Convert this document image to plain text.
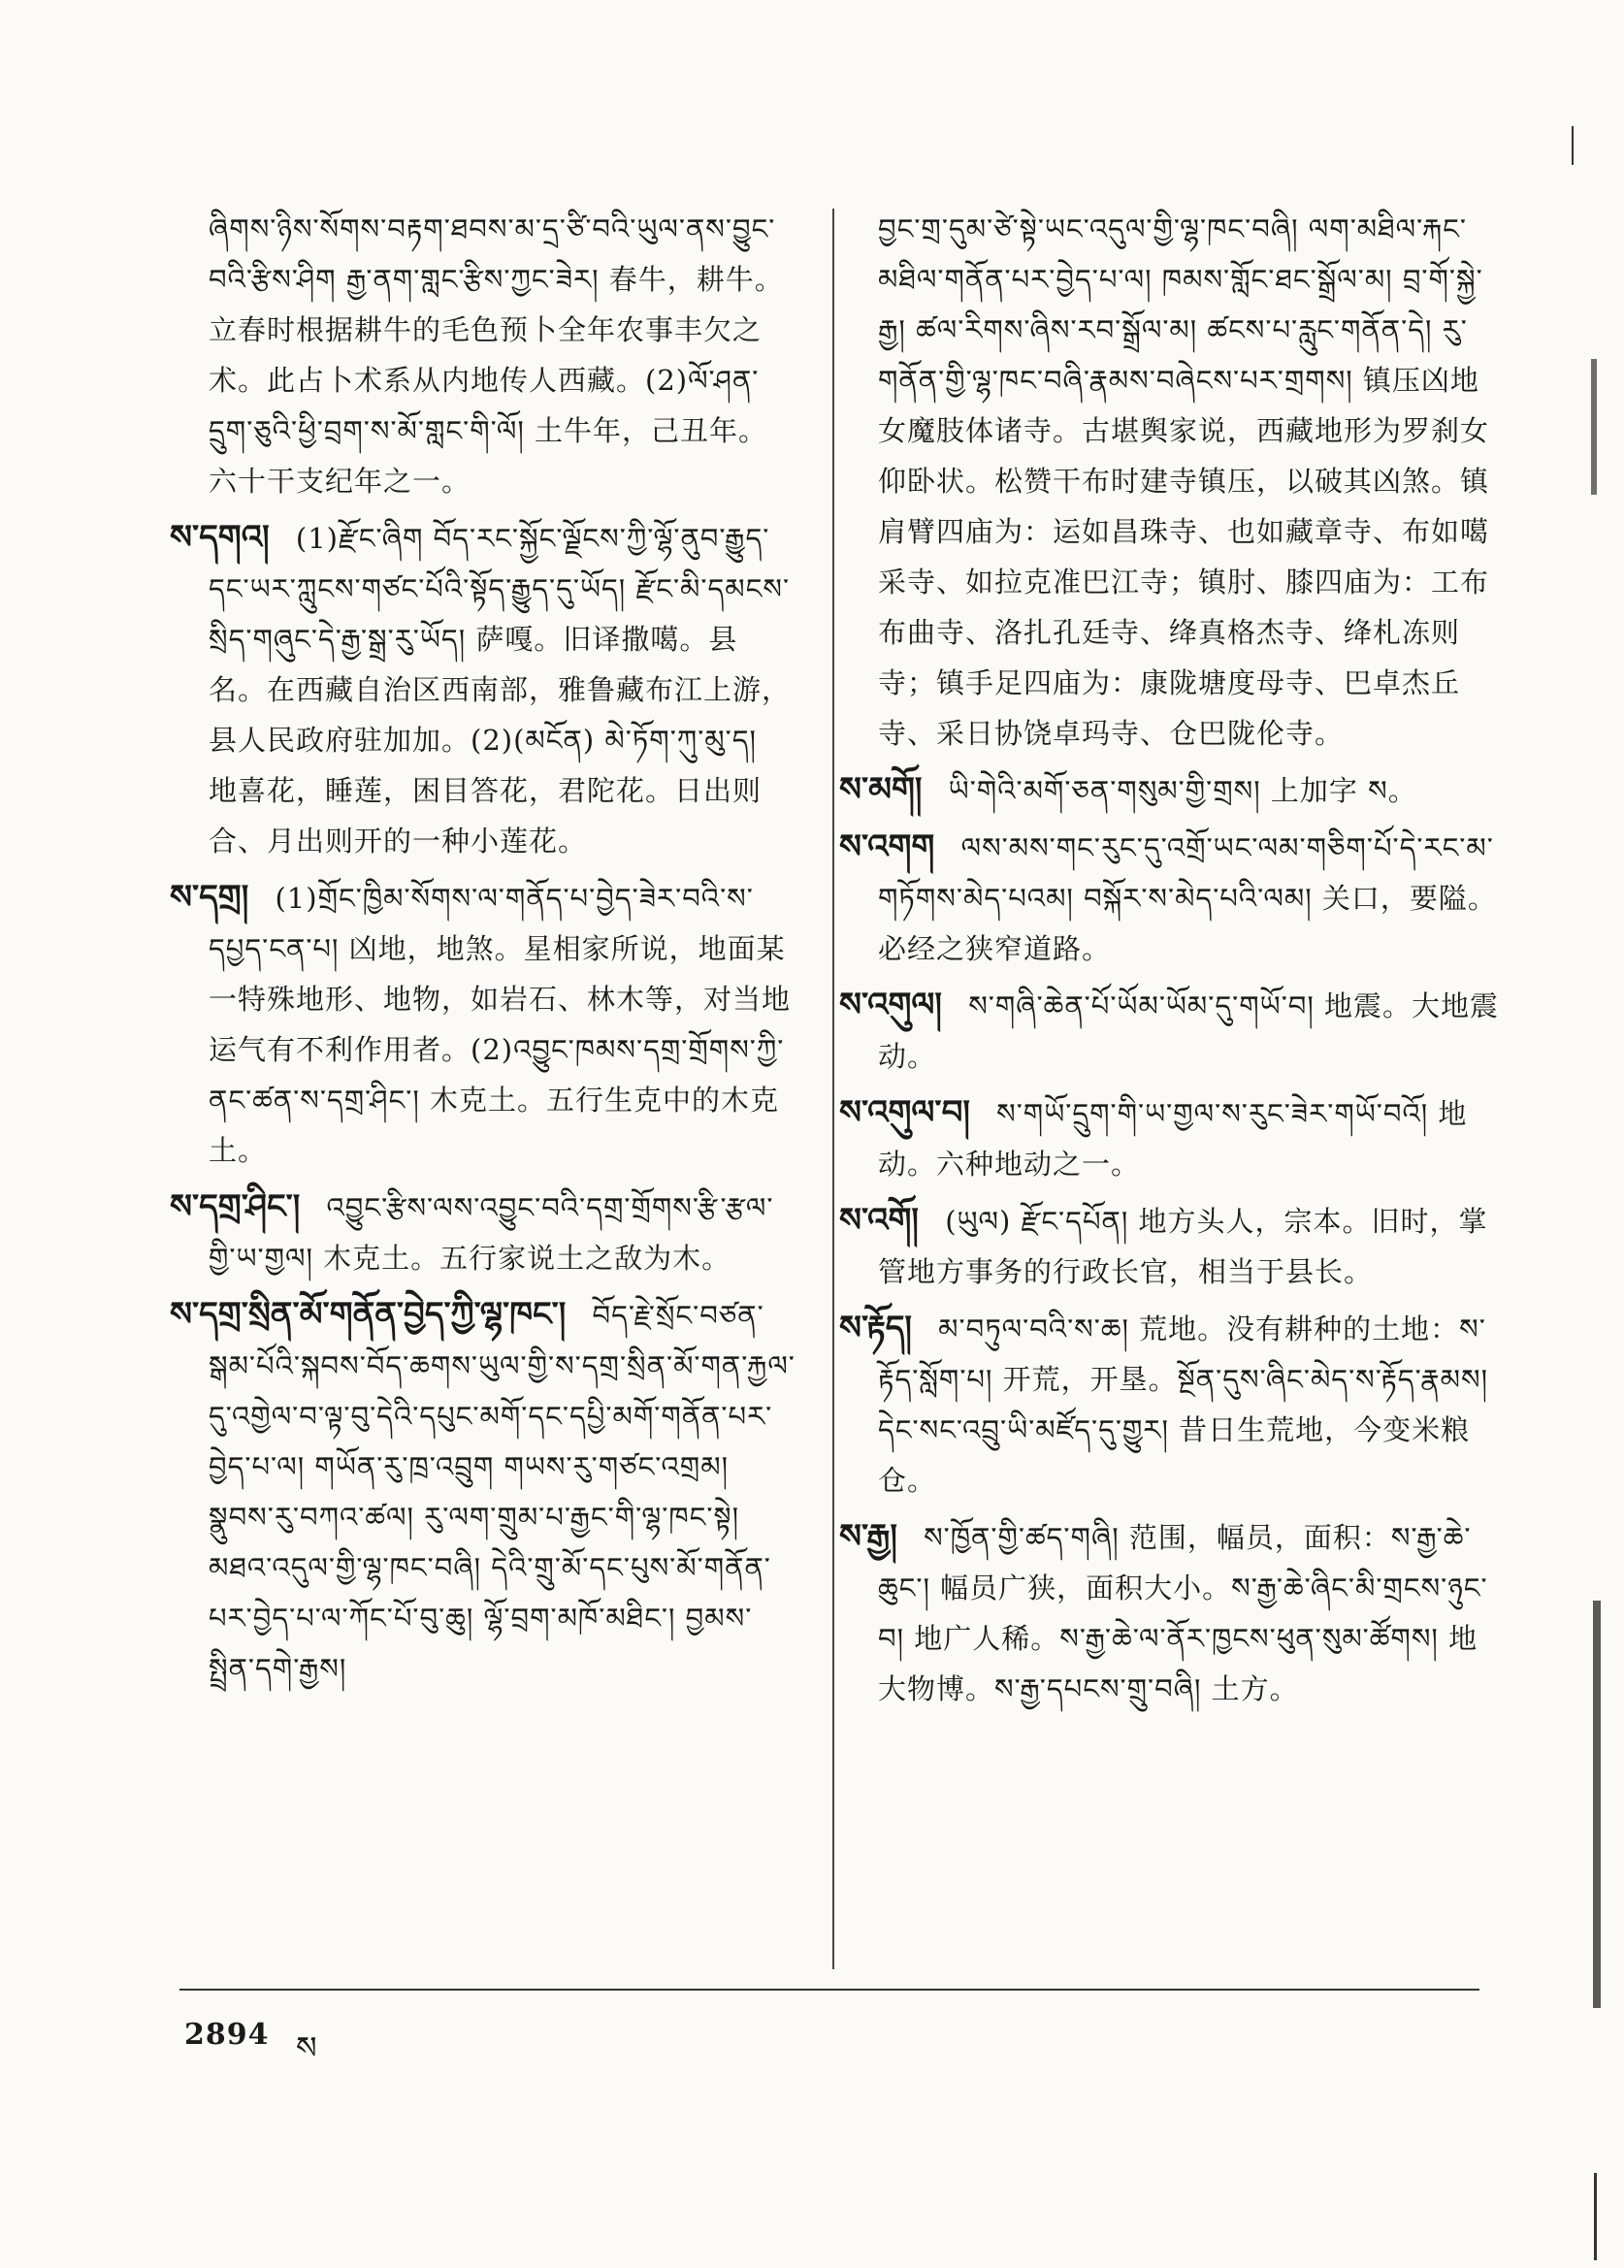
ཞིགས་ཉིས་སོགས་བརྟག་ཐབས་མ་དྲ་ཙི་བའི་ཡུལ་ནས་བྱུང་བའི་རྩིས་ཤིག རྒྱ་ནག་གླང་རྩིས་ཀྱང་ཟེར། 春牛，耕牛。立春时根据耕牛的毛色预卜全年农事丰欠之术。此占卜术系从内地传人西藏。(2)ལོ་ཤན་དྲུག་ཅུའི་ཕྱི་བྲག་ས་མོ་གླང་གི་ལོ། 土牛年，己丑年。六十干支纪年之一。

ས་དགའ། (1)རྫོང་ཞིག བོད་རང་སྐྱོང་ལྗོངས་ཀྱི་ལྷོ་ནུབ་རྒྱུད་དང་ཡར་ཀླུངས་གཙང་པོའི་སྟོད་རྒྱུད་དུ་ཡོད། རྫོང་མི་དམངས་སྲིད་གཞུང་དེ་རྒྱ་སྒྲ་རུ་ཡོད། 萨嘎。旧译撒噶。县名。在西藏自治区西南部，雅鲁藏布江上游，县人民政府驻加加。(2)(མངོན) མེ་ཏོག་ཀུ་མུ་ད། 地喜花，睡莲，困目答花，君陀花。日出则合、月出则开的一种小莲花。

ས་དགྲ། (1)གྲོང་ཁྱིམ་སོགས་ལ་གནོད་པ་བྱེད་ཟེར་བའི་ས་དཔྱད་ངན་པ། 凶地，地煞。星相家所说，地面某一特殊地形、地物，如岩石、林木等，对当地运气有不利作用者。(2)འབྱུང་ཁམས་དགྲ་གྲོགས་ཀྱི་ནང་ཚན་ས་དགྲ་ཤིང་། 木克土。五行生克中的木克土。

ས་དགྲ་ཤིང་། འབྱུང་རྩིས་ལས་འབྱུང་བའི་དགྲ་གྲོགས་རྩི་རྩལ་གྱི་ཡ་གྱལ། 木克土。五行家说土之敌为木。

ས་དགྲ་སྲིན་མོ་གནོན་བྱེད་ཀྱི་ལྷ་ཁང་། བོད་རྗེ་སྲོང་བཙན་སྒམ་པོའི་སྐབས་བོད་ཆགས་ཡུལ་གྱི་ས་དགྲ་སྲིན་མོ་གན་རྐྱལ་དུ་འགྱེལ་བ་ལྟ་བུ་དེའི་དཔུང་མགོ་དང་དཔྱི་མགོ་གནོན་པར་བྱེད་པ་ལ། གཡོན་རུ་ཁྲ་འབྲུག གཡས་རུ་གཙང་འགྲམ། སྣུབས་རུ་བཀའ་ཚལ། རུ་ལག་གྲུམ་པ་རྒྱང་གི་ལྷ་ཁང་སྟེ། མཐའ་འདུལ་གྱི་ལྷ་ཁང་བཞི། དེའི་གྲུ་མོ་དང་པུས་མོ་གནོན་པར་བྱེད་པ་ལ་ཀོང་པོ་བུ་ཆུ། ལྷོ་བྲག་མཁོ་མཐིང་། བྱམས་སྤྲིན་དགེ་རྒྱས།

བྱང་གྲ་དུམ་ཙེ་སྟེ་ཡང་འདུལ་གྱི་ལྷ་ཁང་བཞི། ལག་མཐིལ་རྐང་མཐིལ་གནོན་པར་བྱེད་པ་ལ། ཁམས་གློང་ཐང་སྒྲོལ་མ། བྲ་གོ་སྐྱེ་རྒྱ། ཚལ་རིགས་ཞིས་རབ་སྒྲོལ་མ། ཚངས་པ་རླུང་གནོན་དེ། རུ་གནོན་གྱི་ལྷ་ཁང་བཞི་རྣམས་བཞེངས་པར་གྲགས། 镇压凶地女魔肢体诸寺。古堪舆家说，西藏地形为罗刹女仰卧状。松赞干布时建寺镇压，以破其凶煞。镇肩臂四庙为：运如昌珠寺、也如藏章寺、布如噶采寺、如拉克准巴江寺；镇肘、膝四庙为：工布布曲寺、洛扎孔廷寺、绛真格杰寺、绛札冻则寺；镇手足四庙为：康陇塘度母寺、巴卓杰丘寺、采日协饶卓玛寺、仓巴陇伦寺。

ས་མགོ། ཡི་གེའི་མགོ་ཅན་གསུམ་གྱི་གྲས། 上加字 ས。

ས་འགག ལས་མས་གང་རུང་དུ་འགྲོ་ཡང་ལམ་གཅིག་པོ་དེ་རང་མ་གཏོགས་མེད་པའམ། བསྐོར་ས་མེད་པའི་ལམ། 关口，要隘。必经之狭窄道路。

ས་འགུལ། ས་གཞི་ཆེན་པོ་ཡོམ་ཡོམ་དུ་གཡོ་བ། 地震。大地震动。

ས་འགུལ་བ། ས་གཡོ་དྲུག་གི་ཡ་གྱལ་ས་རུང་ཟེར་གཡོ་བའོ། 地动。六种地动之一。

ས་འགོ། (ཡུལ) རྫོང་དཔོན། 地方头人，宗本。旧时，掌管地方事务的行政长官，相当于县长。

ས་རྟོད། མ་བཏུལ་བའི་ས་ཆ། 荒地。没有耕种的土地：ས་རྟོད་སློག་པ། 开荒，开垦。སྔོན་དུས་ཞིང་མེད་ས་རྟོད་རྣམས། དེང་སང་འབྲུ་ཡི་མཛོད་དུ་གྱུར། 昔日生荒地，今变米粮仓。

ས་རྒྱ། ས་ཁྱོན་གྱི་ཚད་གཞི། 范围，幅员，面积：ས་རྒྱ་ཆེ་ཆུང་། 幅员广狭，面积大小。ས་རྒྱ་ཆེ་ཞིང་མི་གྲངས་ཉུང་བ། 地广人稀。ས་རྒྱ་ཆེ་ལ་ནོར་ཁྱངས་ཕུན་སུམ་ཚོགས། 地大物博。ས་རྒྱ་དཔངས་གྲུ་བཞི། 土方。

2894 ས
